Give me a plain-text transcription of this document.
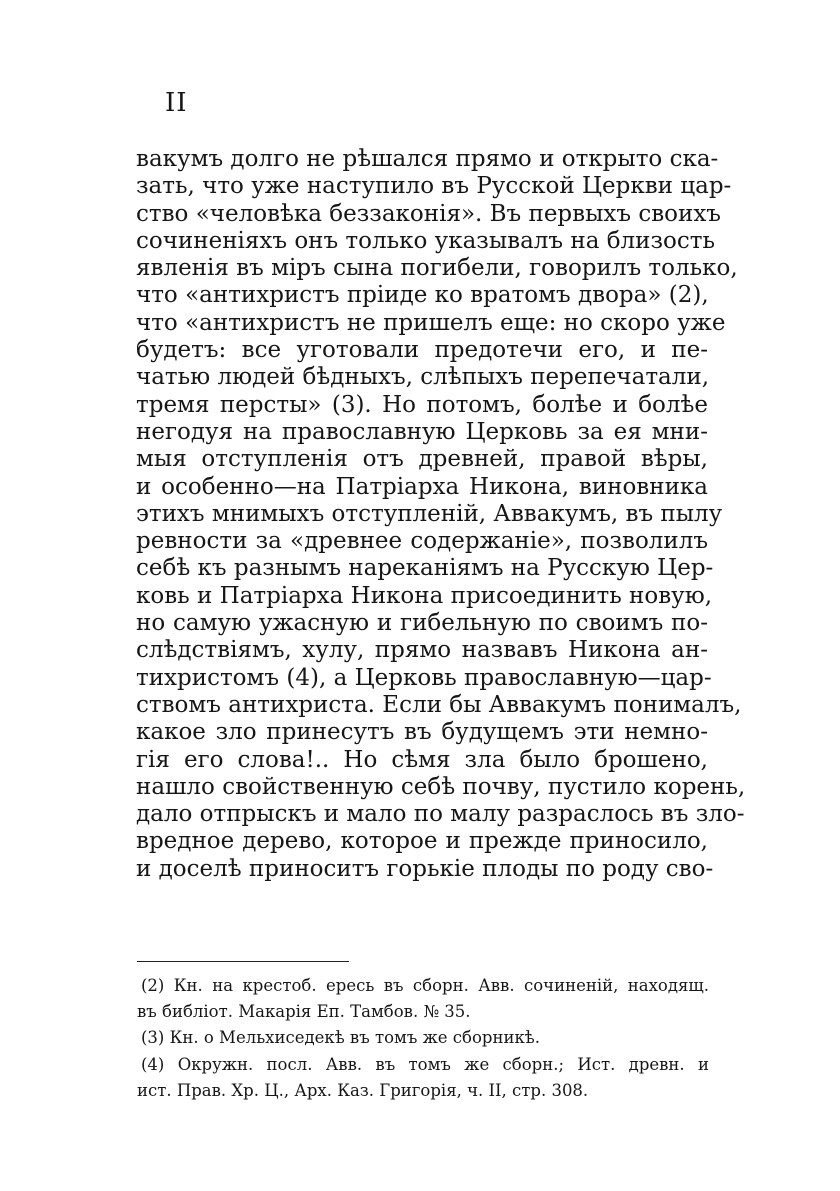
II
вакумъ долго не рѣшался прямо и открыто ска-
зать, что уже наступило въ Русской Церкви цар-
ство «человѣка беззаконія». Въ первыхъ своихъ
сочиненіяхъ онъ только указывалъ на близость
явленія въ міръ сына погибели, говорилъ только,
что «антихристъ пріиде ко вратомъ двора» (2),
что «антихристъ не пришелъ еще: но скоро уже
будетъ: все уготовали предотечи его, и пе-
чатью людей бѣдныхъ, слѣпыхъ перепечатали,
тремя персты» (3). Но потомъ, болѣе и болѣе
негодуя на православную Церковь за ея мни-
мыя отступленія отъ древней, правой вѣры,
и особенно—на Патріарха Никона, виновника
этихъ мнимыхъ отступленій, Аввакумъ, въ пылу
ревности за «древнее содержаніе», позволилъ
себѣ къ разнымъ нареканіямъ на Русскую Цер-
ковь и Патріарха Никона присоединить новую,
но самую ужасную и гибельную по своимъ по-
слѣдствіямъ, хулу, прямо назвавъ Никона ан-
тихристомъ (4), а Церковь православную—цар-
ствомъ антихриста. Если бы Аввакумъ понималъ,
какое зло принесутъ въ будущемъ эти немно-
гія его слова!.. Но сѣмя зла было брошено,
нашло свойственную себѣ почву, пустило корень,
дало отпрыскъ и мало по малу разраслось въ зло-
вредное дерево, которое и прежде приносило,
и доселѣ приноситъ горькіе плоды по роду сво-
(2) Кн. на крестоб. ересь въ сборн. Авв. сочиненій, находящ.
въ библіот. Макарія Еп. Тамбов. № 35.
(3) Кн. о Мельхиседекѣ въ томъ же сборникѣ.
(4) Окружн. посл. Авв. въ томъ же сборн.; Ист. древн. и
ист. Прав. Хр. Ц., Арх. Каз. Григорія, ч. II, стр. 308.
